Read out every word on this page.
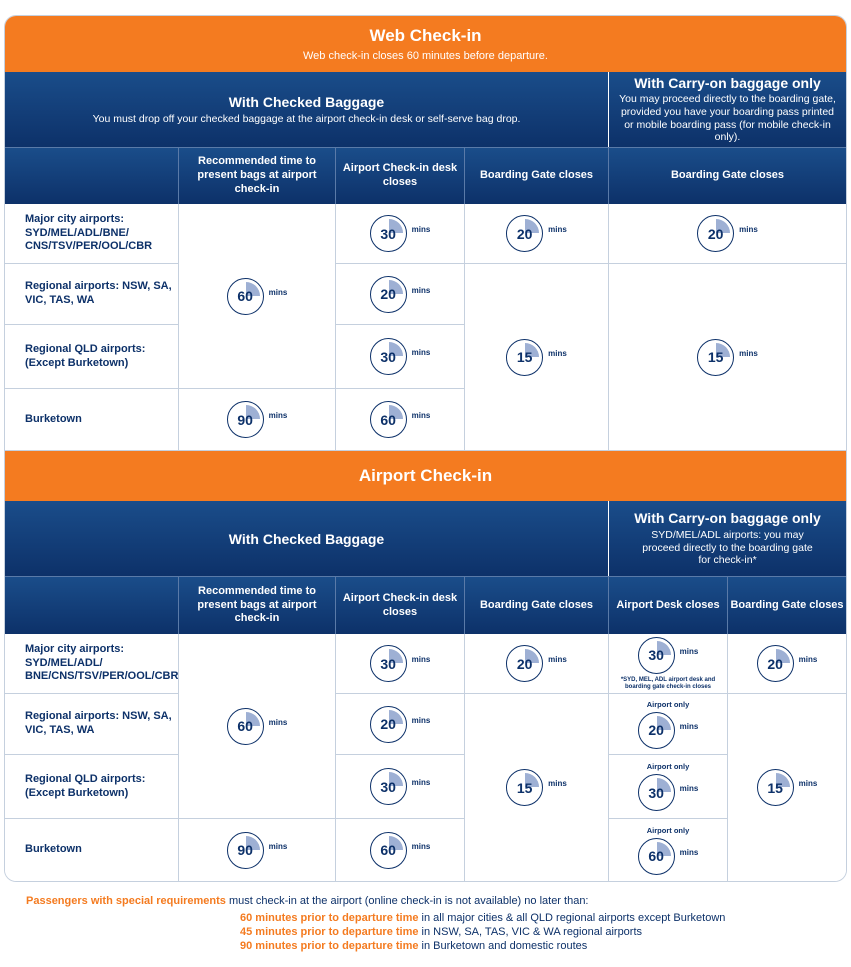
Web Check-in
Web check-in closes 60 minutes before departure.
With Checked Baggage
You must drop off your checked baggage at the airport check-in desk or self-serve bag drop.
With Carry-on baggage only
You may proceed directly to the boarding gate, provided you have your boarding pass printed or mobile boarding pass (for mobile check-in only).
Recommended time to present bags at airport check-in
Airport Check-in desk closes
Boarding Gate closes	Boarding Gate closes
Major city airports: SYD/MEL/ADL/BNE/ CNS/TSV/PER/OOL/CBR
Regional airports: NSW, SA, VIC, TAS, WA
Regional QLD airports: (Except Burketown)
Burketown
60 mins
90 mins
30 mins
20 mins
30 mins
60 mins
20 mins
15 mins
20 mins
15 mins
Airport Check-in
With Checked Baggage
With Carry-on baggage only
SYD/MEL/ADL airports: you may proceed directly to the boarding gate for check-in*
Recommended time to present bags at airport check-in
Airport Check-in desk closes
Boarding Gate closes	Airport Desk closes Boarding Gate closes
Major city airports: SYD/MEL/ADL/ BNE/CNS/TSV/PER/OOL/CBR
Regional airports: NSW, SA, VIC, TAS, WA
Regional QLD airports: (Except Burketown)
Burketown
60 mins
90 mins
30 mins
20 mins
30 mins
60 mins
20 mins
15 mins
30 mins
*SYD, MEL, ADL airport desk and boarding gate check-in closes
Airport only
20 mins
Airport only
30 mins
Airport only
60 mins
20 mins
15 mins
Passengers with special requirements must check-in at the airport (online check-in is not available) no later than:
60 minutes prior to departure time in all major cities & all QLD regional airports except Burketown
45 minutes prior to departure time in NSW, SA, TAS, VIC & WA regional airports
90 minutes prior to departure time in Burketown and domestic routes
